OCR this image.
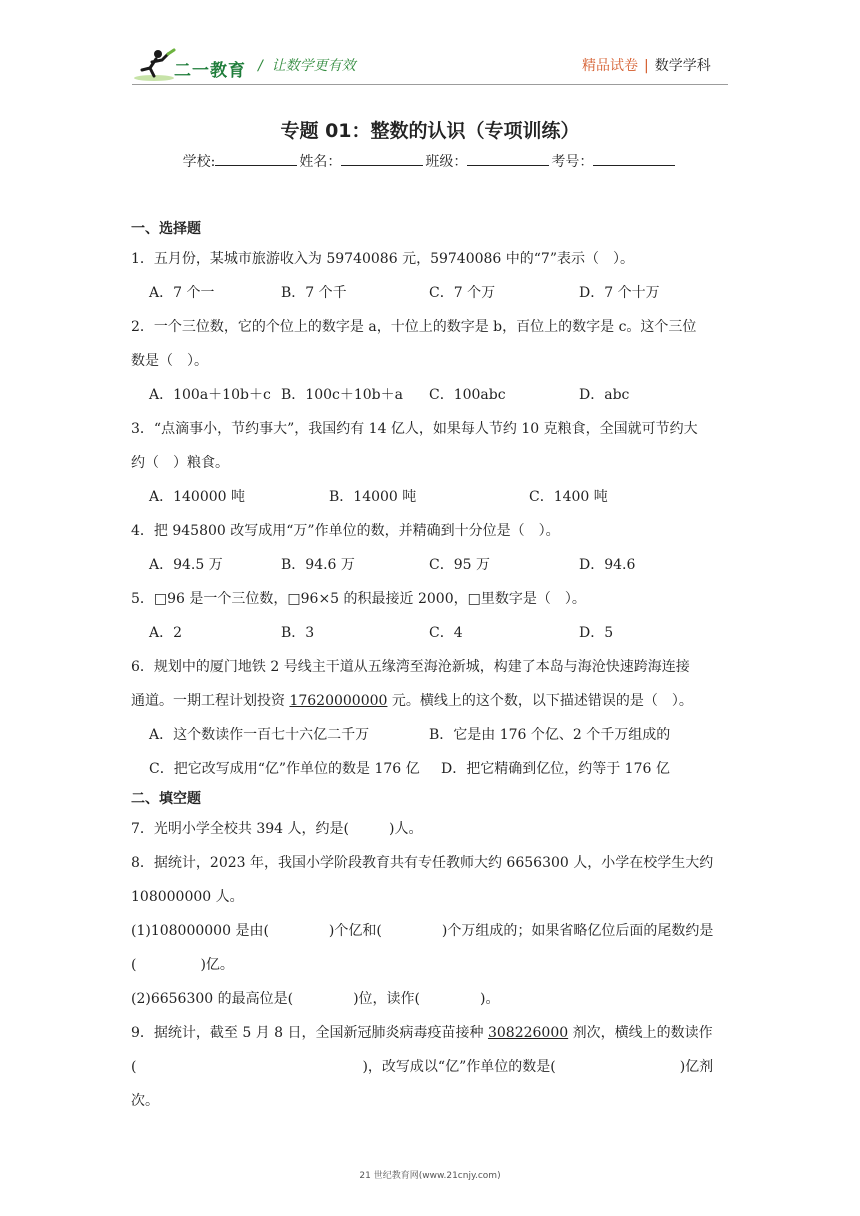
二一教育 /  让数学更有效	精品试卷 | 数学学科
专题 01：整数的认识（专项训练）
学校:	姓名：	班级：	考号：
一、选择题
1．五月份，某城市旅游收入为 59740086 元，59740086 中的“7”表示（　）。
A．7 个一	B．7 个千	C．7 个万	D．7 个十万
2．一个三位数，它的个位上的数字是 a，十位上的数字是 b，百位上的数字是 c。这个三位
数是（　）。
A．100a＋10b＋c B．100c＋10b＋a C．100abc	D．abc
3．“点滴事小，节约事大”，我国约有 14 亿人，如果每人节约 10 克粮食，全国就可节约大
约（　）粮食。
A．140000 吨	B．14000 吨	C．1400 吨
4．把 945800 改写成用“万”作单位的数，并精确到十分位是（　）。
A．94.5 万	B．94.6 万	C．95 万	D．94.6
5．□96 是一个三位数，□96×5 的积最接近 2000，□里数字是（　）。
A．2	B．3	C．4	D．5
6．规划中的厦门地铁 2 号线主干道从五缘湾至海沧新城，构建了本岛与海沧快速跨海连接
通道。一期工程计划投资 17620000000 元。横线上的这个数，以下描述错误的是（　）。
A．这个数读作一百七十六亿二千万	B．它是由 176 个亿、2 个千万组成的
C．把它改写成用“亿”作单位的数是 176 亿 D．把它精确到亿位，约等于 176 亿
二、填空题
7．光明小学全校共 394 人，约是(	)人。
8．据统计，2023 年，我国小学阶段教育共有专任教师大约 6656300 人，小学在校学生大约
108000000 人。
(1)108000000 是由(	)个亿和(	)个万组成的；如果省略亿位后面的尾数约是
(	)亿。
(2)6656300 的最高位是(	)位，读作(	)。
9．据统计，截至 5 月 8 日，全国新冠肺炎病毒疫苗接种 308226000 剂次，横线上的数读作
(	)，改写成以“亿”作单位的数是(	)亿剂
次。
21 世纪教育网(www.21cnjy.com)
